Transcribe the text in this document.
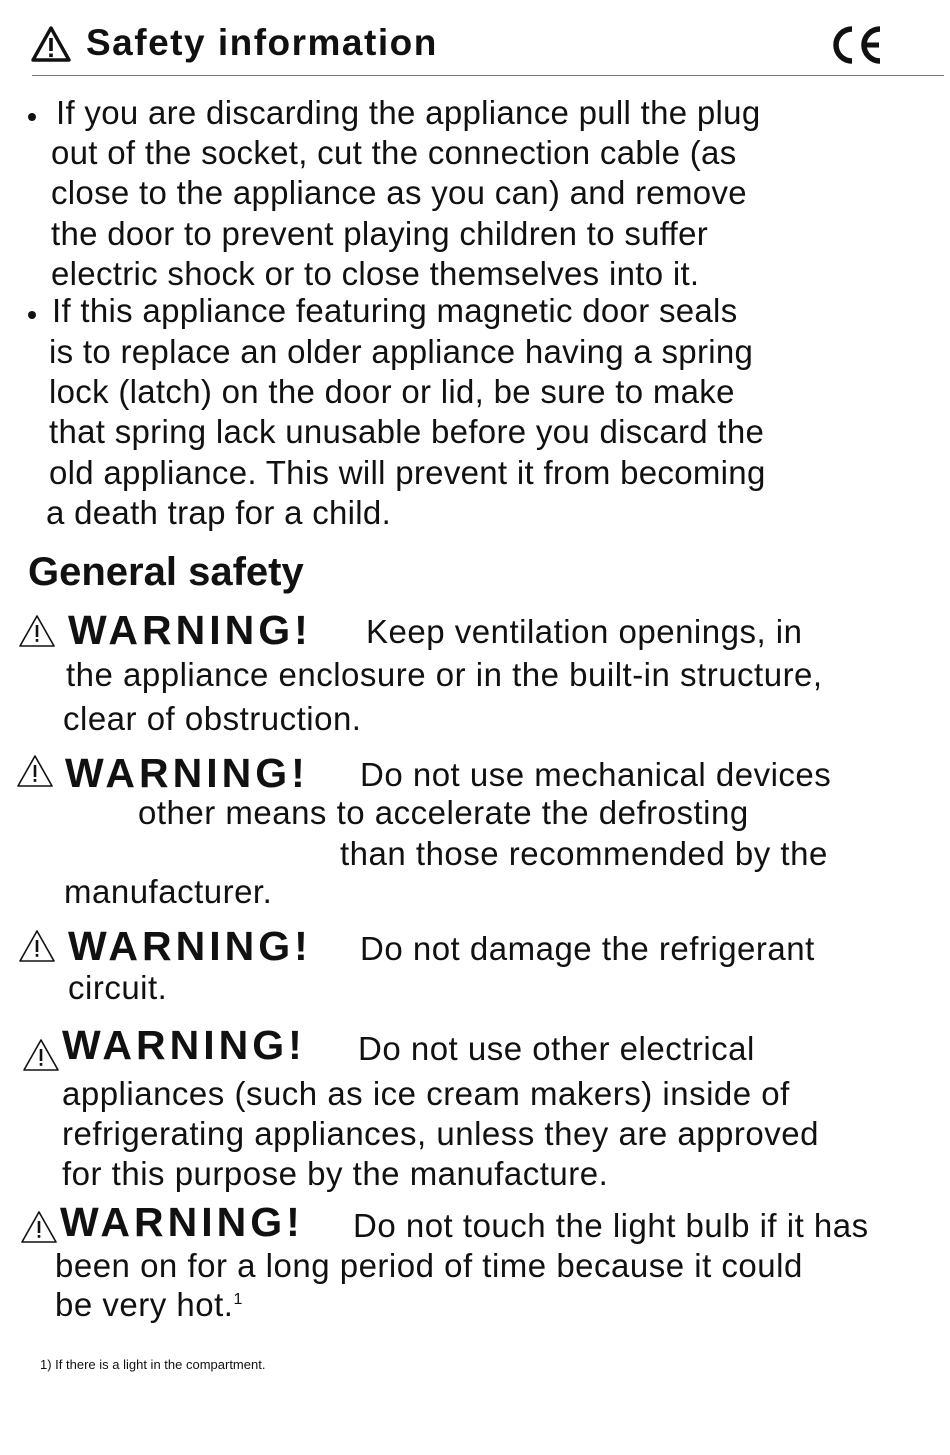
Safety information
If you are discarding the appliance pull the plug
out of the socket, cut the connection cable (as
close to the appliance as you can) and remove
the door to prevent playing children to suffer
electric shock or to close themselves into it.
If this appliance featuring magnetic door seals
is to replace an older appliance having a spring
lock (latch) on the door or lid, be sure to make
that spring lack unusable before you discard the
old appliance. This will prevent it from becoming
a death trap for a child.
General safety
WARNING! Keep ventilation openings, in
the appliance enclosure or in the built-in structure,
clear of obstruction.
WARNING! Do not use mechanical devices
other means to accelerate the defrosting
than those recommended by the
manufacturer.
WARNING! Do not damage the refrigerant
circuit.
WARNING! Do not use other electrical
appliances (such as ice cream makers) inside of
refrigerating appliances, unless they are approved
for this purpose by the manufacture.
WARNING! Do not touch the light bulb if it has
been on for a long period of time because it could
be very hot.$^1$
1) If there is a light in the compartment.
